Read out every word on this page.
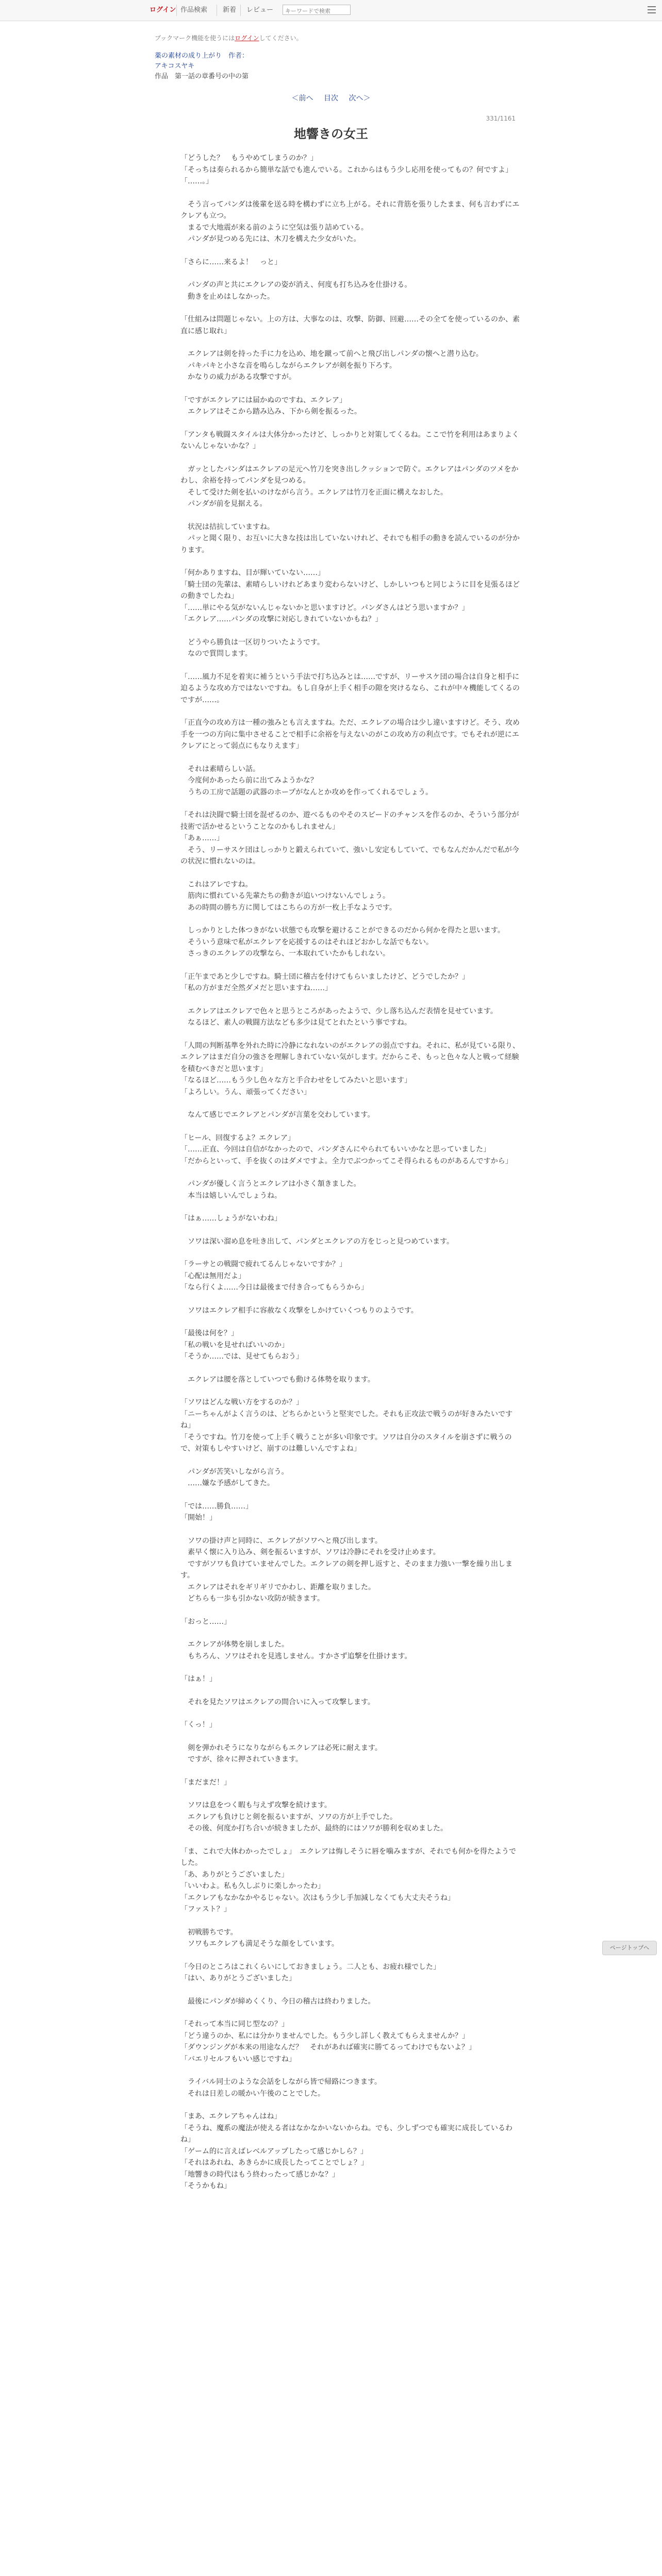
ログイン 作品検索 新着 レビュー
キーワードで検索
ブックマーク機能を使うにはログインしてください。
薬の素材の成り上がり　作者：
アキコスヤキ
作品　第一話の章番号の中の第
＜前へ 目次 次へ＞
331/1161
地響きの女王

「どうした？　もうやめてしまうのか？」
「そっちは奏られるから簡単な話でも進んでいる。これからはもう少し応用を使ってもの？何ですよ」
「……。」

　そう言ってパンダは後輩を送る時を構わずに立ち上がる。それに背筋を張りしたまま、何も言わずにエクレアも立つ。
　まるで大地震が来る前のように空気は張り詰めている。
　パンダが見つめる先には、木刀を構えた少女がいた。

「さらに……来るよ！　っと」

　パンダの声と共にエクレアの姿が消え、何度も打ち込みを仕掛ける。
　動きを止めはしなかった。

「仕組みは問題じゃない。上の方は、大事なのは、攻撃、防御、回避……その全てを使っているのか、素直に感じ取れ」

　エクレアは剣を持った手に力を込め、地を蹴って前へと飛び出しパンダの懐へと潜り込む。
　パキパキと小さな音を鳴らしながらエクレアが剣を振り下ろす。
　かなりの威力がある攻撃ですが。

「ですがエクレアには届かぬのですね、エクレア」
　エクレアはそこから踏み込み、下から剣を振るった。

「アンタも戦闘スタイルは大体分かったけど、しっかりと対策してくるね。ここで竹を利用はあまりよくないんじゃないかな？」

　ガッとしたパンダはエクレアの足元へ竹刀を突き出しクッションで防ぐ。エクレアはパンダのツメをかわし、余裕を持ってパンダを見つめる。
　そして受けた剣を払いのけながら言う。エクレアは竹刀を正面に構えなおした。
　パンダが前を見据える。

　状況は拮抗していますね。
　パッと聞く限り、お互いに大きな技は出していないけれど、それでも相手の動きを読んでいるのが分かります。

「何かありますね、目が輝いていない……」
「騎士団の先輩は、素晴らしいけれどあまり変わらないけど、しかしいつもと同じように目を見張るほどの動きでしたね」
「……単にやる気がないんじゃないかと思いますけど。パンダさんはどう思いますか？」
「エクレア……パンダの攻撃に対応しきれていないかもね？」

　どうやら勝負は一区切りついたようです。
　なので質問します。

「……風力不足を着実に補うという手法で打ち込みとは……ですが、リーサスケ団の場合は自身と相手に迫るような攻め方ではないですね。もし自身が上手く相手の隙を突けるなら、これが中々機能してくるのですが……。

「正直今の攻め方は一種の強みとも言えますね。ただ、エクレアの場合は少し違いますけど。そう、攻め手を一つの方向に集中させることで相手に余裕を与えないのがこの攻め方の利点です。でもそれが逆にエクレアにとって弱点にもなりえます」

　それは素晴らしい話。
　今度何かあったら前に出てみようかな？
　うちの工房で話題の武器のホープがなんとか攻めを作ってくれるでしょう。

「それは決闘で騎士団を混ぜるのか、遊べるものやそのスピードのチャンスを作るのか、そういう部分が技術で活かせるということなのかもしれません」
「あぁ……」
　そう、リーサスケ団はしっかりと鍛えられていて、強いし安定もしていて、でもなんだかんだで私が今の状況に慣れないのは。

　これはアレですね。
　筋肉に慣れている先輩たちの動きが追いつけないんでしょう。
　あの時間の勝ち方に関してはこちらの方が一枚上手なようです。

　しっかりとした体つきがない状態でも攻撃を避けることができるのだから何かを得たと思います。
　そういう意味で私がエクレアを応援するのはそれほどおかしな話でもない。
　さっきのエクレアの攻撃なら、一本取れていたかもしれない。

「正午まであと少しですね。騎士団に稽古を付けてもらいましたけど、どうでしたか？」
「私の方がまだ全然ダメだと思いますね……」

　エクレアはエクレアで色々と思うところがあったようで、少し落ち込んだ表情を見せています。
　なるほど、素人の戦闘方法なども多少は見てとれたという事ですね。

「人間の判断基準を外れた時に冷静になれないのがエクレアの弱点ですね。それに、私が見ている限り、エクレアはまだ自分の強さを理解しきれていない気がします。だからこそ、もっと色々な人と戦って経験を積むべきだと思います」
「なるほど……もう少し色々な方と手合わせをしてみたいと思います」
「よろしい。うん、頑張ってください」

　なんて感じでエクレアとパンダが言葉を交わしています。

「ヒール、回復するよ？エクレア」
「……正直、今回は自信がなかったので、パンダさんにやられてもいいかなと思っていました」
「だからといって、手を抜くのはダメですよ。全力でぶつかってこそ得られるものがあるんですから」

　パンダが優しく言うとエクレアは小さく頷きました。
　本当は嬉しいんでしょうね。

「はぁ……しょうがないわね」

　ソワは深い溜め息を吐き出して、パンダとエクレアの方をじっと見つめています。

「ラーサとの戦闘で疲れてるんじゃないですか？」
「心配は無用だよ」
「なら行くよ……今日は最後まで付き合ってもらうから」

　ソワはエクレア相手に容赦なく攻撃をしかけていくつもりのようです。

「最後は何を？」
「私の戦いを見せればいいのか」
「そうか……では、見せてもらおう」

　エクレアは腰を落としていつでも動ける体勢を取ります。

「ソワはどんな戦い方をするのか？」
「ニーちゃんがよく言うのは、どちらかというと堅実でした。それも正攻法で戦うのが好きみたいですね」
「そうですね。竹刀を使って上手く戦うことが多い印象です。ソワは自分のスタイルを崩さずに戦うので、対策もしやすいけど、崩すのは難しいんですよね」

　パンダが苦笑いしながら言う。
　……嫌な予感がしてきた。

「では……勝負……」
「開始！」

　ソワの掛け声と同時に、エクレアがソワへと飛び出します。
　素早く懐に入り込み、剣を振るいますが、ソワは冷静にそれを受け止めます。
　ですがソワも負けていませんでした。エクレアの剣を押し返すと、そのまま力強い一撃を繰り出します。
　エクレアはそれをギリギリでかわし、距離を取りました。
　どちらも一歩も引かない攻防が続きます。

「おっと……」

　エクレアが体勢を崩しました。
　もちろん、ソワはそれを見逃しません。すかさず追撃を仕掛けます。

「はぁ！」

　それを見たソワはエクレアの間合いに入って攻撃します。

「くっ！」

　剣を弾かれそうになりながらもエクレアは必死に耐えます。
　ですが、徐々に押されていきます。

「まだまだ！」

　ソワは息をつく暇も与えず攻撃を続けます。
　エクレアも負けじと剣を振るいますが、ソワの方が上手でした。
　その後、何度か打ち合いが続きましたが、最終的にはソワが勝利を収めました。

「ま、これで大体わかったでしょ」　エクレアは悔しそうに唇を噛みますが、それでも何かを得たようでした。
「あ、ありがとうございました」
「いいわよ。私も久しぶりに楽しかったわ」
「エクレアもなかなかやるじゃない。次はもう少し手加減しなくても大丈夫そうね」
「ファスト？」

　初戦勝ちです。
　ソワもエクレアも満足そうな顔をしています。

「今日のところはこれくらいにしておきましょう。二人とも、お疲れ様でした」
「はい、ありがとうございました」

　最後にパンダが締めくくり、今日の稽古は終わりました。

「それって本当に同じ型なの？」
「どう違うのか、私には分かりませんでした。もう少し詳しく教えてもらえませんか？」
「ダウンジングが本来の用途なんだ？　それがあれば確実に勝てるってわけでもないよ？」
「バエリセルフもいい感じですね」

　ライバル同士のような会話をしながら皆で帰路につきます。
　それは日差しの暖かい午後のことでした。

「まあ、エクレアちゃんはね」
「そうね、魔系の魔法が使える者はなかなかいないからね。でも、少しずつでも確実に成長しているわね」
「ゲーム的に言えばレベルアップしたって感じかしら？」
「それはあれね、あきらかに成長したってことでしょ？」
「地響きの時代はもう終わったって感じかな？」
「そうかもね」

ページトップへ
